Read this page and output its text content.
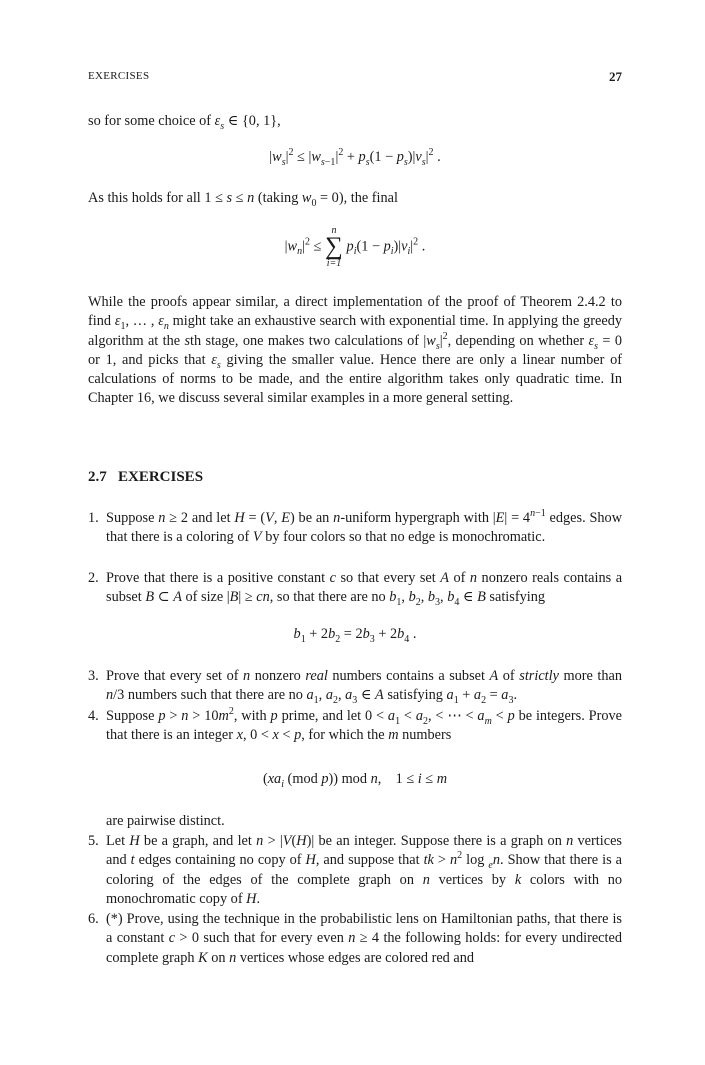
EXERCISES	27

so for some choice of $\varepsilon_s$ ∈ {0, 1},

$|w_s|^2 \le |w_{s-1}|^2 + p_s(1 - p_s)|v_s|^2$ .

As this holds for all 1 ≤ s ≤ n (taking $w_0 = 0$), the final

$|w_n|^2$ ≤
n
∑
i=1
$p_i(1 - p_i)|v_i|^2$ .

While the proofs appear similar, a direct implementation of the proof of Theorem 2.4.2 to find $\varepsilon_1$, … , $\varepsilon_n$ might take an exhaustive search with exponential time. In applying the greedy algorithm at the sth stage, one makes two calculations of $|w_s|^2$, depending on whether $\varepsilon_s = 0$ or 1, and picks that $\varepsilon_s$ giving the smaller value. Hence there are only a linear number of calculations of norms to be made, and the entire algorithm takes only quadratic time. In Chapter 16, we discuss several similar examples in a more general setting.

2.7 EXERCISES
1. Suppose n ≥ 2 and let H = (V, E) be an n-uniform hypergraph with $|E| = 4^{n-1}$ edges. Show that there is a coloring of V by four colors so that no edge is monochromatic.

2. Prove that there is a positive constant c so that every set A of n nonzero reals contains a subset B ⊂ A of size |B| ≥ cn, so that there are no $b_1$, $b_2$, $b_3$, $b_4$ ∈ B satisfying

$b_1 + 2b_2 = 2b_3 + 2b_4$ .
3. Prove that every set of n nonzero real numbers contains a subset A of strictly more than n/3 numbers such that there are no $a_1$, $a_2$, $a_3$ ∈ A satisfying $a_1 + a_2 = a_3$.

4. Suppose $p > n > 10m^2$, with p prime, and let $0 < a_1 < a_2$, < ⋯ < $a_m < p$ be integers. Prove that there is an integer x, 0 < x < p, for which the m numbers

($xa_i$ (mod p)) mod n,    1 ≤ i ≤ m

are pairwise distinct.

5. Let H be a graph, and let n > |V(H)| be an integer. Suppose there is a graph on n vertices and t edges containing no copy of H, and suppose that tk > $n^2$ log $_e$n. Show that there is a coloring of the edges of the complete graph on n vertices by k colors with no monochromatic copy of H.

6. (*) Prove, using the technique in the probabilistic lens on Hamiltonian paths, that there is a constant c > 0 such that for every even n ≥ 4 the following holds: for every undirected complete graph K on n vertices whose edges are colored red and
